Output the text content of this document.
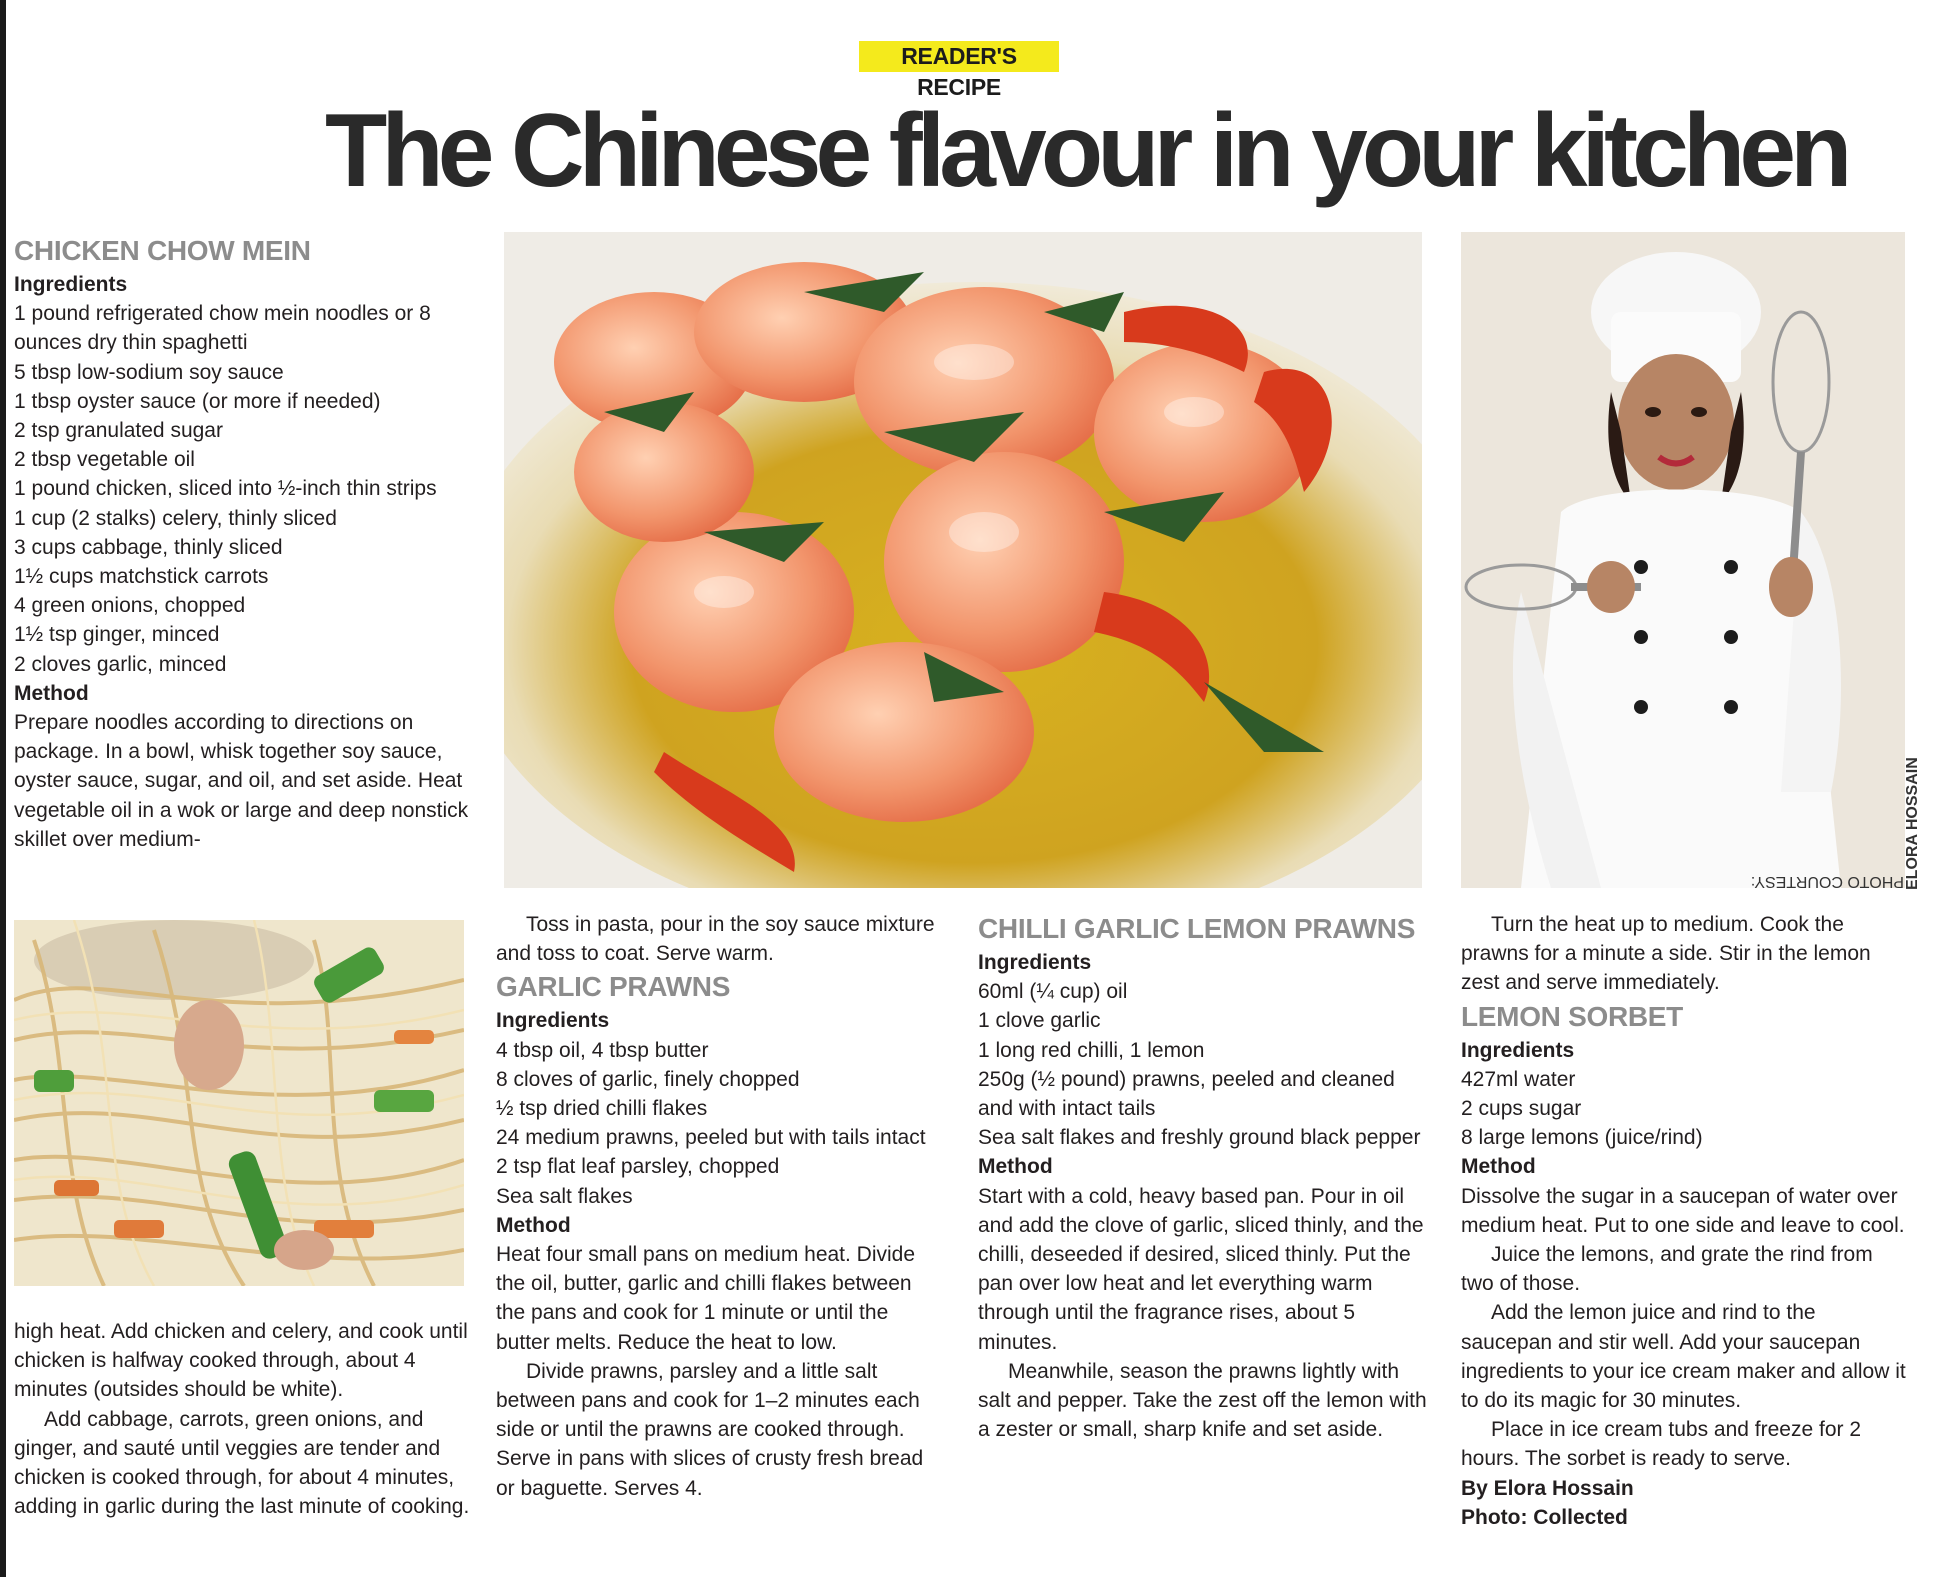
READER'S RECIPE
The Chinese flavour in your kitchen

CHICKEN CHOW MEIN

Ingredients

1 pound refrigerated chow mein noodles or 8 ounces dry thin spaghetti

5 tbsp low-sodium soy sauce

1 tbsp oyster sauce (or more if needed)

2 tsp granulated sugar

2 tbsp vegetable oil

1 pound chicken, sliced into ½-inch thin strips

1 cup (2 stalks) celery, thinly sliced

3 cups cabbage, thinly sliced

1½ cups matchstick carrots

4 green onions, chopped

1½ tsp ginger, minced

2 cloves garlic, minced

Method

Prepare noodles according to directions on package. In a bowl, whisk together soy sauce, oyster sauce, sugar, and oil, and set aside. Heat vegetable oil in a wok or large and deep nonstick skillet over medium-

high heat. Add chicken and celery, and cook until chicken is halfway cooked through, about 4 minutes (outsides should be white).

Add cabbage, carrots, green onions, and ginger, and sauté until veggies are tender and chicken is cooked through, for about 4 minutes, adding in garlic during the last minute of cooking.

PHOTO COURTESY: ELORA HOSSAIN

Toss in pasta, pour in the soy sauce mixture and toss to coat. Serve warm.

GARLIC PRAWNS

Ingredients

4 tbsp oil, 4 tbsp butter

8 cloves of garlic, finely chopped

½ tsp dried chilli flakes

24 medium prawns, peeled but with tails intact

2 tsp flat leaf parsley, chopped

Sea salt flakes

Method

Heat four small pans on medium heat. Divide the oil, butter, garlic and chilli flakes between the pans and cook for 1 minute or until the butter melts. Reduce the heat to low.

Divide prawns, parsley and a little salt between pans and cook for 1–2 minutes each side or until the prawns are cooked through. Serve in pans with slices of crusty fresh bread or baguette. Serves 4.

CHILLI GARLIC LEMON PRAWNS

Ingredients

60ml (¼ cup) oil

1 clove garlic

1 long red chilli, 1 lemon

250g (½ pound) prawns, peeled and cleaned and with intact tails

Sea salt flakes and freshly ground black pepper

Method

Start with a cold, heavy based pan. Pour in oil and add the clove of garlic, sliced thinly, and the chilli, deseeded if desired, sliced thinly. Put the pan over low heat and let everything warm through until the fragrance rises, about 5 minutes.

Meanwhile, season the prawns lightly with salt and pepper. Take the zest off the lemon with a zester or small, sharp knife and set aside.

Turn the heat up to medium. Cook the prawns for a minute a side. Stir in the lemon zest and serve immediately.

LEMON SORBET

Ingredients

427ml water

2 cups sugar

8 large lemons (juice/rind)

Method

Dissolve the sugar in a saucepan of water over medium heat. Put to one side and leave to cool.

Juice the lemons, and grate the rind from two of those.

Add the lemon juice and rind to the saucepan and stir well. Add your saucepan ingredients to your ice cream maker and allow it to do its magic for 30 minutes.

Place in ice cream tubs and freeze for 2 hours. The sorbet is ready to serve.

By Elora Hossain

Photo: Collected
